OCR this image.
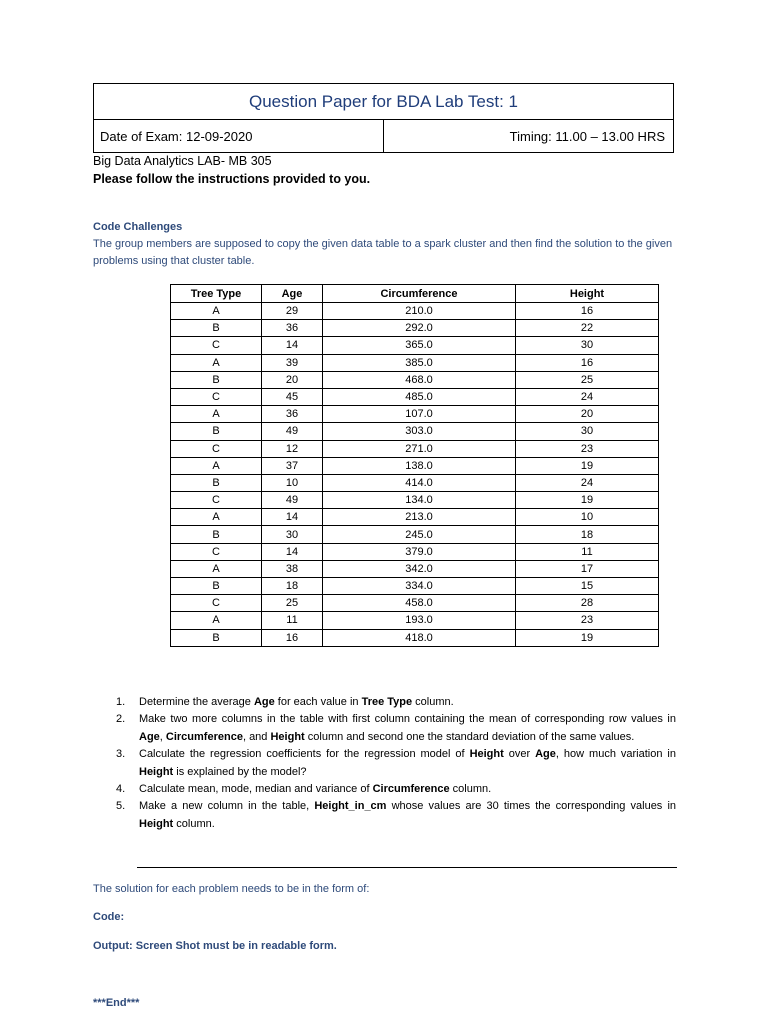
Question Paper for BDA Lab Test: 1
Date of Exam: 12-09-2020	Timing: 11.00 – 13.00 HRS
Big Data Analytics LAB- MB 305
Please follow the instructions provided to you.
Code Challenges
The group members are supposed to copy the given data table to a spark cluster and then find the solution to the given problems using that cluster table.
Tree Type	Age	Circumference	Height
A	29	210.0	16
B	36	292.0	22
C	14	365.0	30
A	39	385.0	16
B	20	468.0	25
C	45	485.0	24
A	36	107.0	20
B	49	303.0	30
C	12	271.0	23
A	37	138.0	19
B	10	414.0	24
C	49	134.0	19
A	14	213.0	10
B	30	245.0	18
C	14	379.0	11
A	38	342.0	17
B	18	334.0	15
C	25	458.0	28
A	11	193.0	23
B	16	418.0	19
1. Determine the average Age for each value in Tree Type column.
2. Make two more columns in the table with first column containing the mean of corresponding row values in Age, Circumference, and Height column and second one the standard deviation of the same values.
3. Calculate the regression coefficients for the regression model of Height over Age, how much variation in Height is explained by the model?
4. Calculate mean, mode, median and variance of Circumference column.
5. Make a new column in the table, Height_in_cm whose values are 30 times the corresponding values in Height column.
The solution for each problem needs to be in the form of:
Code:
Output: Screen Shot must be in readable form.
***End***
